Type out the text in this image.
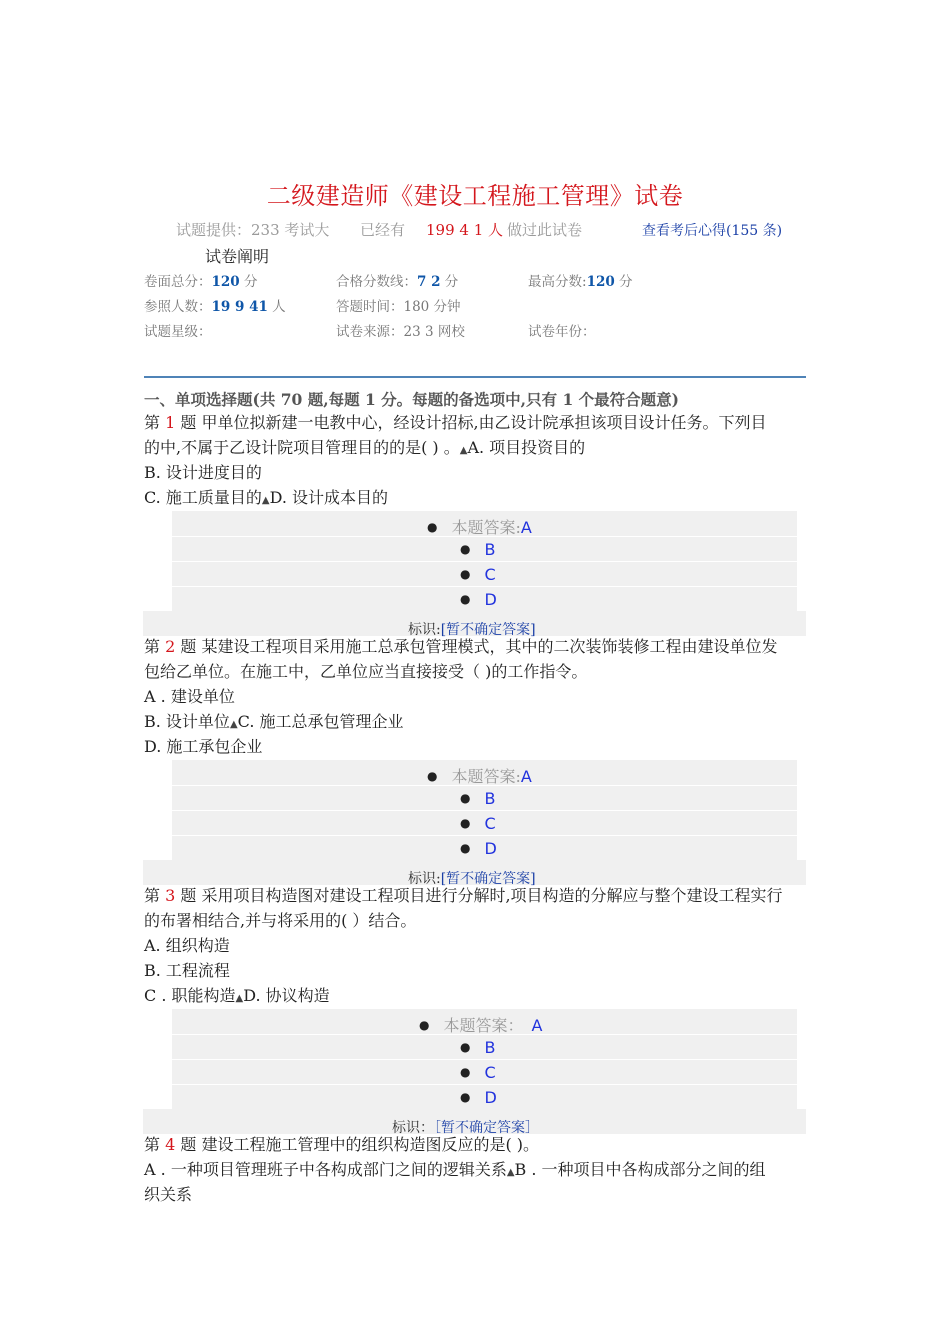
二级建造师《建设工程施工管理》试卷
试题提供：233 考试大 已经有 199 4 1 人 做过此试卷	查看考后心得(155 条)
试卷阐明
卷面总分：120 分	合格分数线：7 2 分	最高分数:120 分
参照人数：19 9 41 人	答题时间：180 分钟
试题星级：	试卷来源：23 3 网校	试卷年份：
一、单项选择题(共 70 题,每题 1 分。每题的备选项中,只有 1 个最符合题意)
第 1 题 甲单位拟新建一电教中心，经设计招标,由乙设计院承担该项目设计任务。下列目
的中,不属于乙设计院项目管理目的的是( ) 。▲A. 项目投资目的
B. 设计进度目的
C. 施工质量目的▲D. 设计成本目的
● 本题答案:A
● B
● C
● D
标识:[暂不确定答案]
第 2 题 某建设工程项目采用施工总承包管理模式，其中的二次装饰装修工程由建设单位发
包给乙单位。在施工中，乙单位应当直接接受（ )的工作指令。
A . 建设单位
B. 设计单位▲C. 施工总承包管理企业
D. 施工承包企业
● 本题答案:A
● B
● C
● D
标识:[暂不确定答案]
第 3 题 采用项目构造图对建设工程项目进行分解时,项目构造的分解应与整个建设工程实行
的布署相结合,并与将采用的( ）结合。
A. 组织构造
B. 工程流程
C . 职能构造▲D. 协议构造
● 本题答案： A
● B
● C
● D
标识：［暂不确定答案］
第 4 题 建设工程施工管理中的组织构造图反应的是( )。
A . 一种项目管理班子中各构成部门之间的逻辑关系▲B . 一种项目中各构成部分之间的组
织关系
